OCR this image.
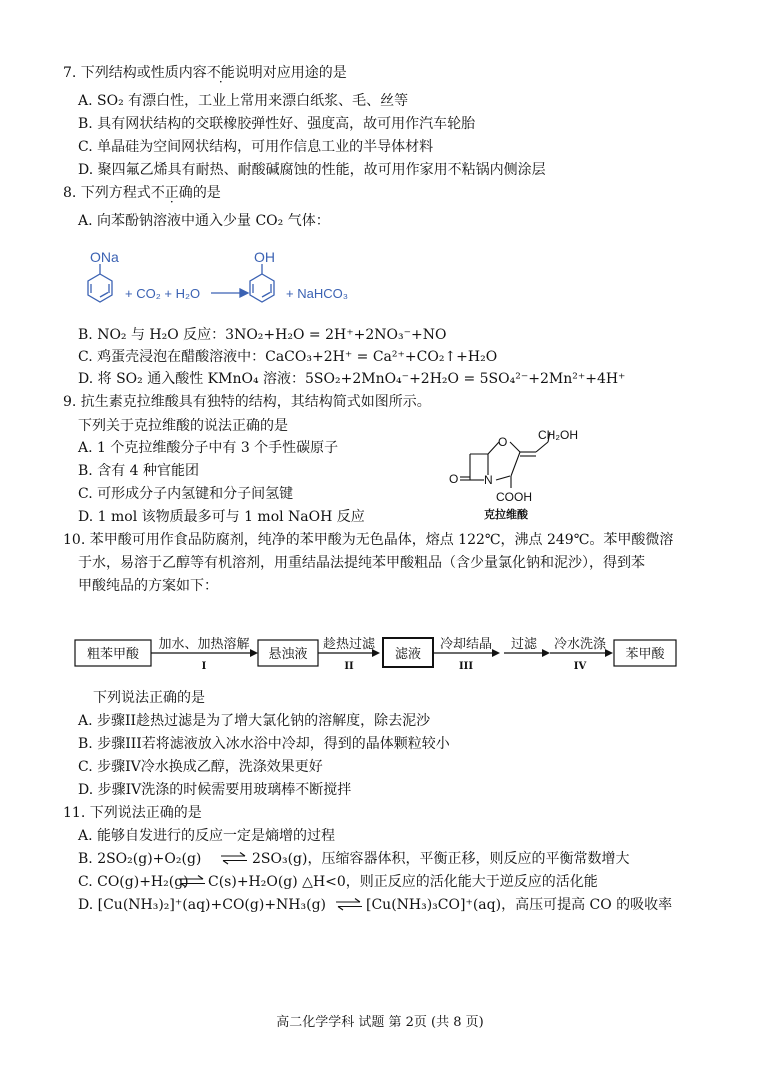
7. 下列结构或性质内容不能说明对应用途的是
A. SO₂ 有漂白性，工业上常用来漂白纸浆、毛、丝等
B. 具有网状结构的交联橡胶弹性好、强度高，故可用作汽车轮胎
C. 单晶硅为空间网状结构，可用作信息工业的半导体材料
D. 聚四氟乙烯具有耐热、耐酸碱腐蚀的性能，故可用作家用不粘锅内侧涂层
8. 下列方程式不正确的是
A. 向苯酚钠溶液中通入少量 CO₂ 气体：
ONa
+ CO₂ + H₂O
OH
+ NaHCO₃
B. NO₂ 与 H₂O 反应：3NO₂+H₂O = 2H⁺+2NO₃⁻+NO
C. 鸡蛋壳浸泡在醋酸溶液中：CaCO₃+2H⁺ = Ca²⁺+CO₂↑+H₂O
D. 将 SO₂ 通入酸性 KMnO₄ 溶液：5SO₂+2MnO₄⁻+2H₂O = 5SO₄²⁻+2Mn²⁺+4H⁺
9. 抗生素克拉维酸具有独特的结构，其结构简式如图所示。
下列关于克拉维酸的说法正确的是
A. 1 个克拉维酸分子中有 3 个手性碳原子
B. 含有 4 种官能团
C. 可形成分子内氢键和分子间氢键
D. 1 mol 该物质最多可与 1 mol NaOH 反应
O
N
O
CH₂OH
COOH
克拉维酸
10. 苯甲酸可用作食品防腐剂，纯净的苯甲酸为无色晶体，熔点 122℃，沸点 249℃。苯甲酸微溶
于水，易溶于乙醇等有机溶剂，用重结晶法提纯苯甲酸粗品（含少量氯化钠和泥沙），得到苯
甲酸纯品的方案如下：
粗苯甲酸
加水、加热溶解
I
悬浊液
趁热过滤
II
滤液
冷却结晶
III
过滤 冷水洗涤
IV
苯甲酸
下列说法正确的是
A. 步骤II趁热过滤是为了增大氯化钠的溶解度，除去泥沙
B. 步骤III若将滤液放入冰水浴中冷却，得到的晶体颗粒较小
C. 步骤IV冷水换成乙醇，洗涤效果更好
D. 步骤IV洗涤的时候需要用玻璃棒不断搅拌
11. 下列说法正确的是
A. 能够自发进行的反应一定是熵增的过程
B. 2SO₂(g)+O₂(g)	2SO₃(g)，压缩容器体积，平衡正移，则反应的平衡常数增大
C. CO(g)+H₂(g) C(s)+H₂O(g) △H<0，则正反应的活化能大于逆反应的活化能
D. [Cu(NH₃)₂]⁺(aq)+CO(g)+NH₃(g)	[Cu(NH₃)₃CO]⁺(aq)，高压可提高 CO 的吸收率
高二化学学科 试题 第 2页 (共 8 页)
